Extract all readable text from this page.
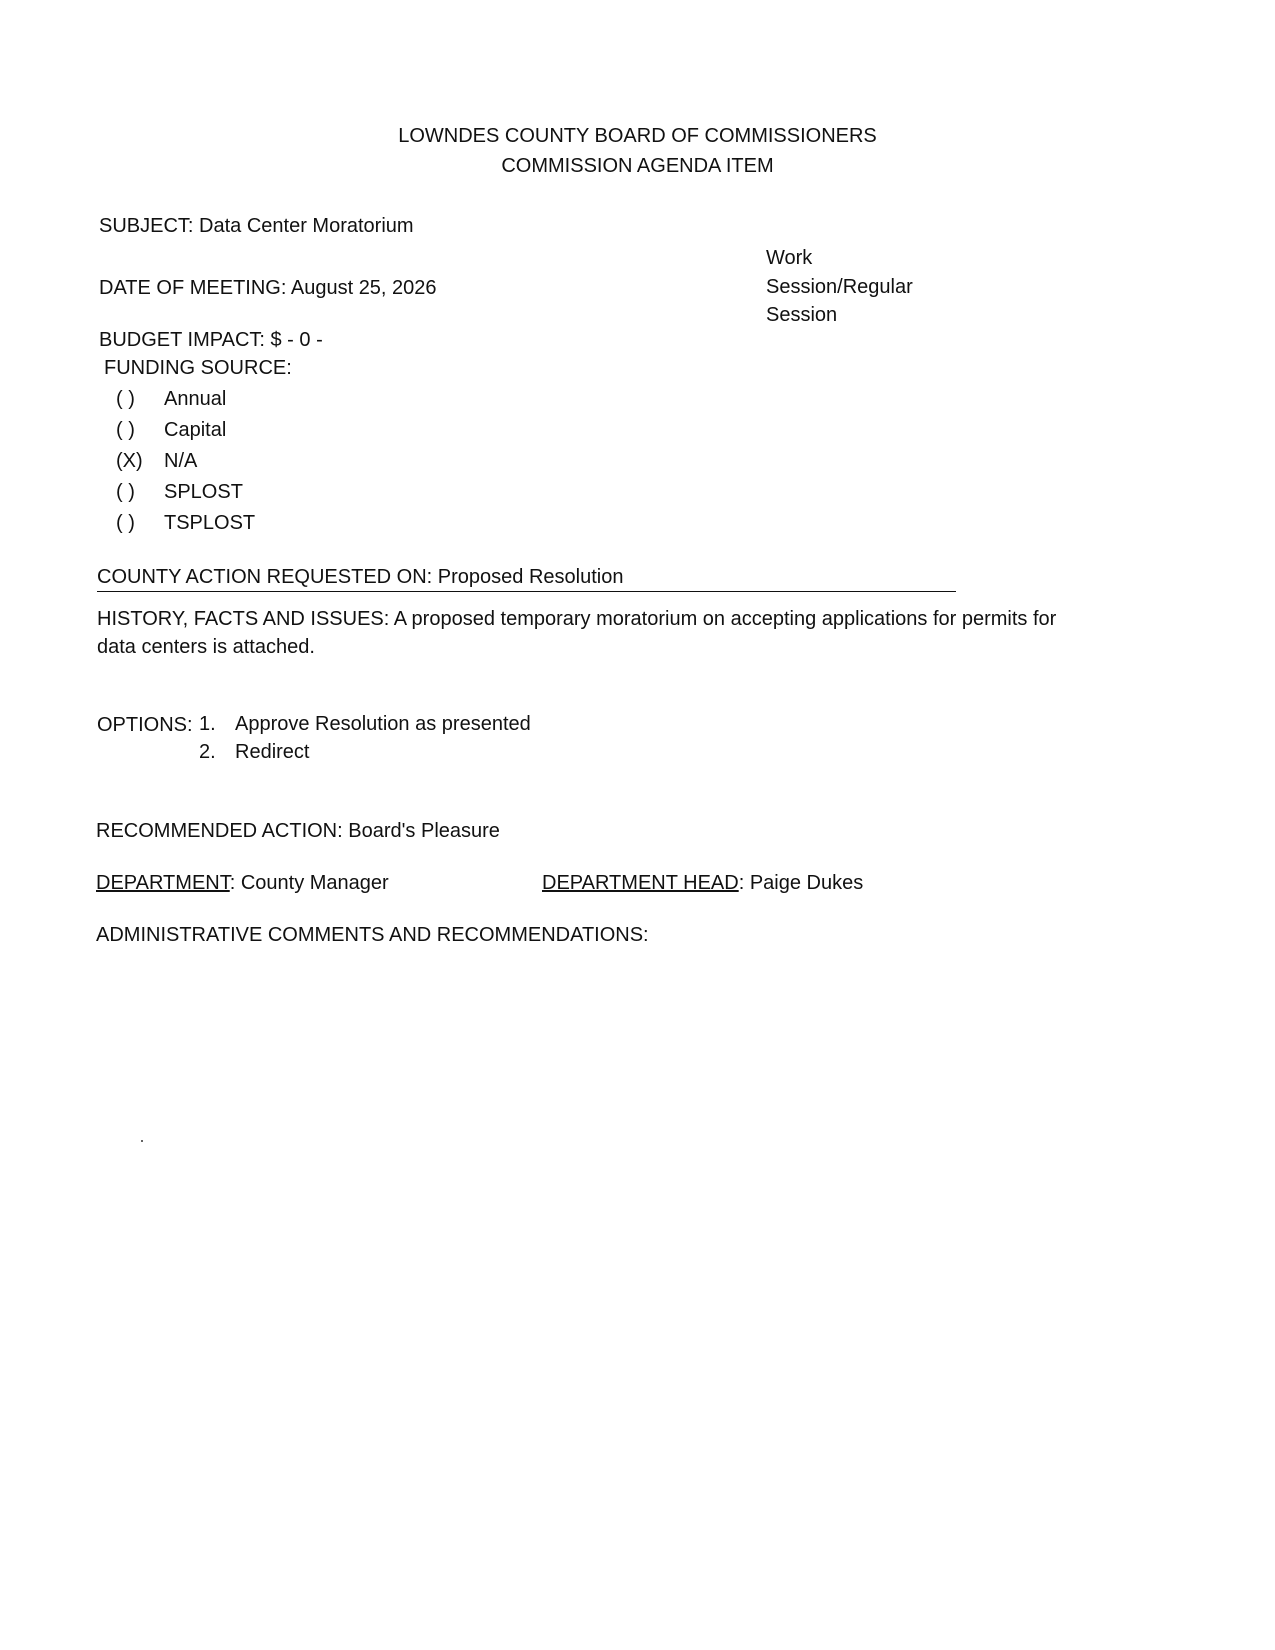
LOWNDES COUNTY BOARD OF COMMISSIONERS
COMMISSION AGENDA ITEM
SUBJECT: Data Center Moratorium
Work
Session/Regular
Session
DATE OF MEETING: August 25, 2026
BUDGET IMPACT: $ - 0 -
FUNDING SOURCE:
( )	Annual
( )	Capital
(X)	N/A
( )	SPLOST
( )	TSPLOST
COUNTY ACTION REQUESTED ON: Proposed Resolution
HISTORY, FACTS AND ISSUES: A proposed temporary moratorium on accepting applications for permits for
data centers is attached.
OPTIONS: 1. Approve Resolution as presented
2. Redirect
RECOMMENDED ACTION: Board's Pleasure
DEPARTMENT: County Manager	DEPARTMENT HEAD: Paige Dukes
ADMINISTRATIVE COMMENTS AND RECOMMENDATIONS:
